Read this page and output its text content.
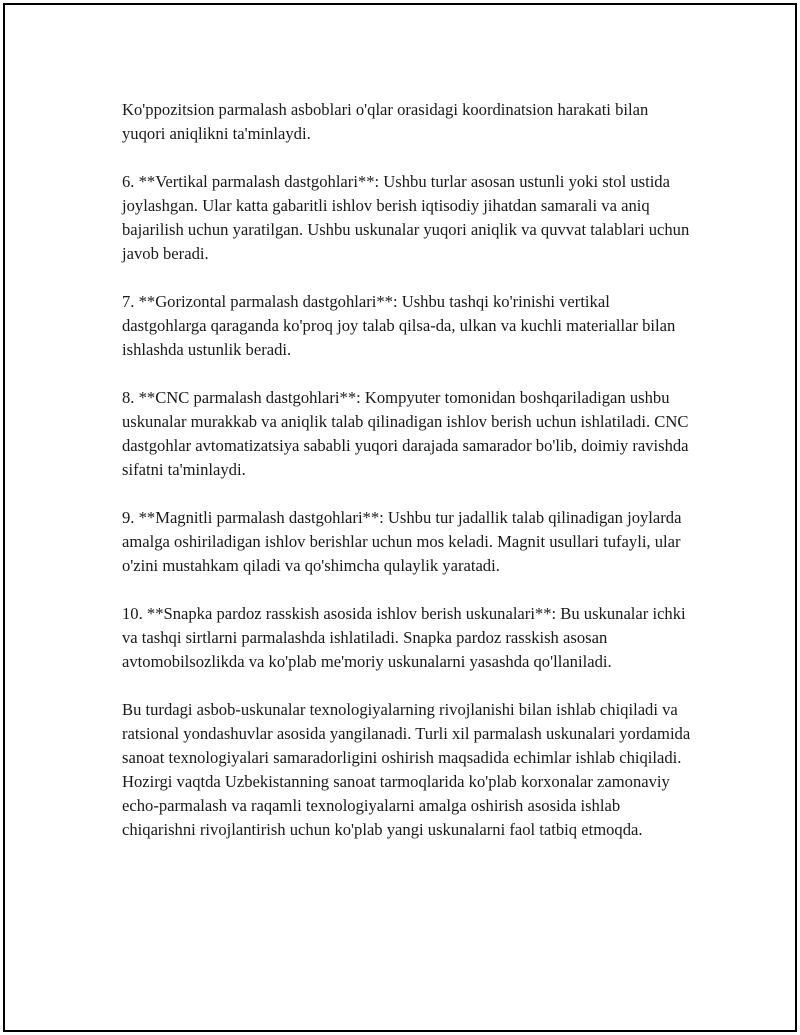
Ko'ppozitsion parmalash asboblari o'qlar orasidagi koordinatsion harakati bilan yuqori aniqlikni ta'minlaydi.

6. **Vertikal parmalash dastgohlari**: Ushbu turlar asosan ustunli yoki stol ustida joylashgan. Ular katta gabaritli ishlov berish iqtisodiy jihatdan samarali va aniq bajarilish uchun yaratilgan. Ushbu uskunalar yuqori aniqlik va quvvat talablari uchun javob beradi.

7. **Gorizontal parmalash dastgohlari**: Ushbu tashqi ko'rinishi vertikal dastgohlarga qaraganda ko'proq joy talab qilsa-da, ulkan va kuchli materiallar bilan ishlashda ustunlik beradi.

8. **CNC parmalash dastgohlari**: Kompyuter tomonidan boshqariladigan ushbu uskunalar murakkab va aniqlik talab qilinadigan ishlov berish uchun ishlatiladi. CNC dastgohlar avtomatizatsiya sababli yuqori darajada samarador bo'lib, doimiy ravishda sifatni ta'minlaydi.

9. **Magnitli parmalash dastgohlari**: Ushbu tur jadallik talab qilinadigan joylarda amalga oshiriladigan ishlov berishlar uchun mos keladi. Magnit usullari tufayli, ular o'zini mustahkam qiladi va qo'shimcha qulaylik yaratadi.

10. **Snapka pardoz rasskish asosida ishlov berish uskunalari**: Bu uskunalar ichki va tashqi sirtlarni parmalashda ishlatiladi. Snapka pardoz rasskish asosan avtomobilsozlikda va ko'plab me'moriy uskunalarni yasashda qo'llaniladi.

Bu turdagi asbob-uskunalar texnologiyalarning rivojlanishi bilan ishlab chiqiladi va ratsional yondashuvlar asosida yangilanadi. Turli xil parmalash uskunalari yordamida sanoat texnologiyalari samaradorligini oshirish maqsadida echimlar ishlab chiqiladi. Hozirgi vaqtda Uzbekistanning sanoat tarmoqlarida ko'plab korxonalar zamonaviy echo-parmalash va raqamli texnologiyalarni amalga oshirish asosida ishlab chiqarishni rivojlantirish uchun ko'plab yangi uskunalarni faol tatbiq etmoqda.
